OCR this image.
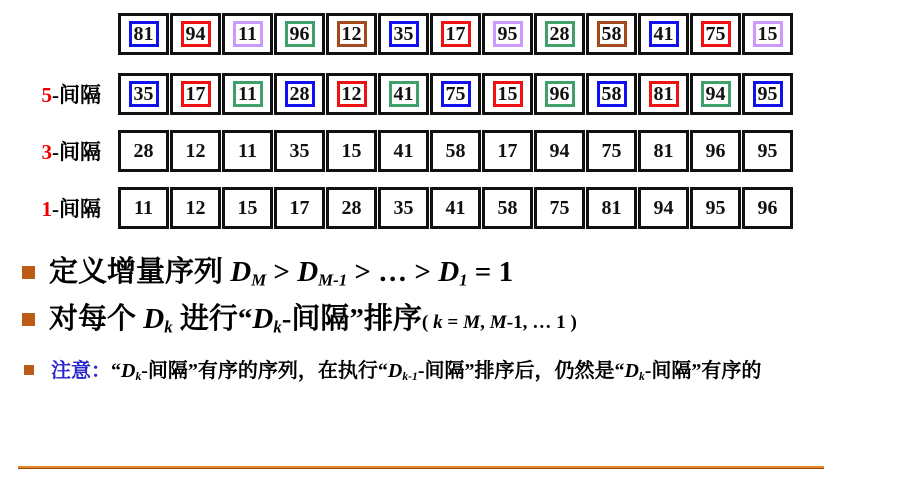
81 94 11 96 12 35 17 95 28 58 41 75 15
5-间隔 35 17 11 28 12 41 75 15 96 58 81 94 95
3-间隔 28 12 11 35 15 41 58 17 94 75 81 96 95
1-间隔 11 12 15 17 28 35 41 58 75 81 94 95 96
定义增量序列 DM > DM-1 > … > D1 = 1
对每个 Dk 进行“Dk-间隔”排序( k = M, M-1, … 1 )
注意：“Dk-间隔”有序的序列，在执行“Dk-1-间隔”排序后，仍然是“Dk-间隔”有序的
